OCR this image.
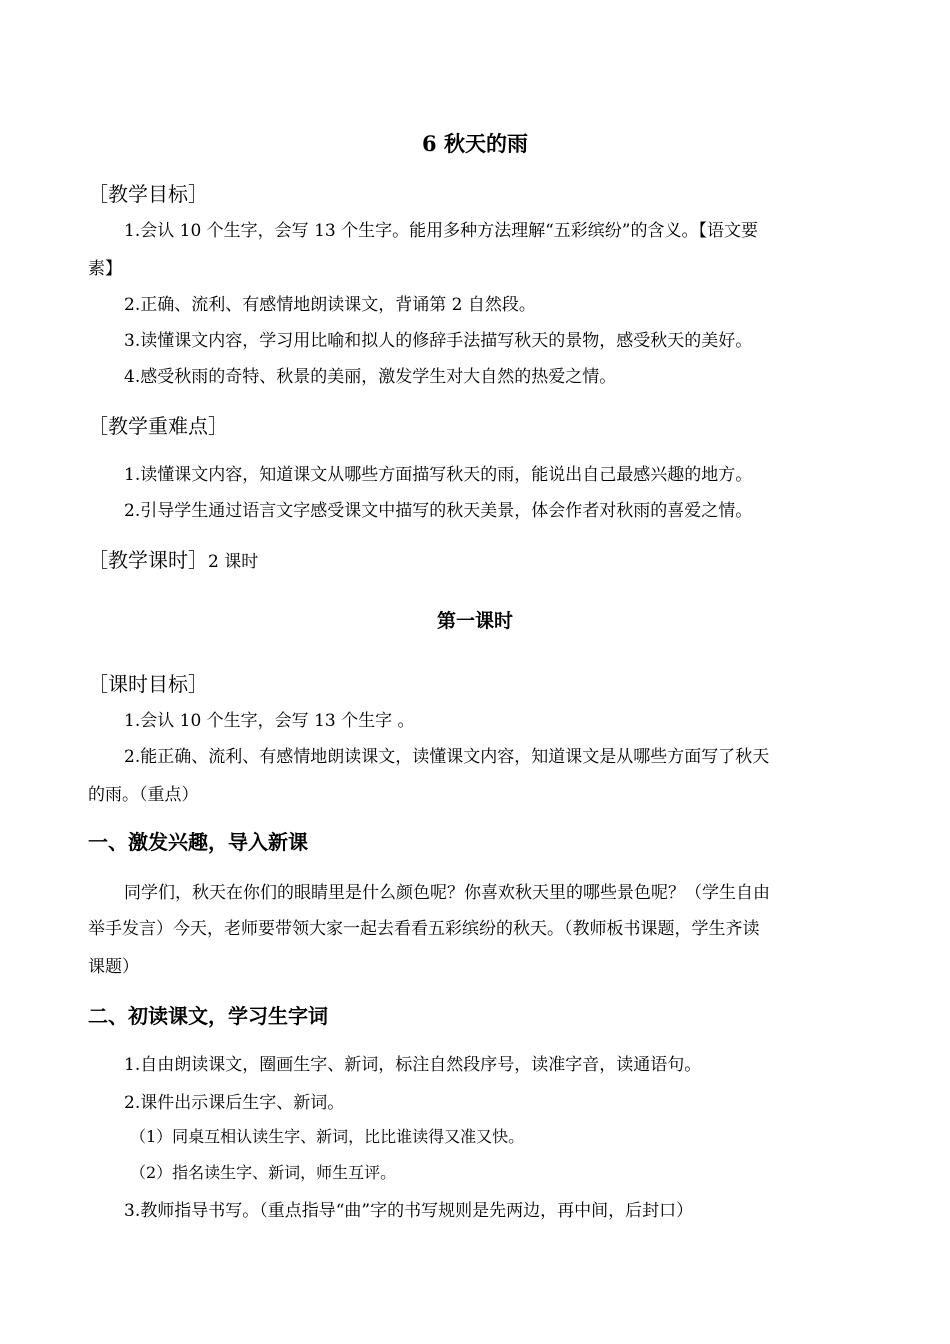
6 秋天的雨
［教学目标］
1.会认 10 个生字，会写 13 个生字。能用多种方法理解“五彩缤纷”的含义。【语文要
素】
2.正确、流利、有感情地朗读课文，背诵第 2 自然段。
3.读懂课文内容，学习用比喻和拟人的修辞手法描写秋天的景物，感受秋天的美好。
4.感受秋雨的奇特、秋景的美丽，激发学生对大自然的热爱之情。
［教学重难点］
1.读懂课文内容，知道课文从哪些方面描写秋天的雨，能说出自己最感兴趣的地方。
2.引导学生通过语言文字感受课文中描写的秋天美景，体会作者对秋雨的喜爱之情。
［教学课时］2 课时
第一课时
［课时目标］
1.会认 10 个生字，会写 13 个生字 。
2.能正确、流利、有感情地朗读课文，读懂课文内容，知道课文是从哪些方面写了秋天
的雨。（重点）
一、激发兴趣，导入新课
同学们，秋天在你们的眼睛里是什么颜色呢？你喜欢秋天里的哪些景色呢？（学生自由
举手发言）今天，老师要带领大家一起去看看五彩缤纷的秋天。（教师板书课题，学生齐读
课题）
二、初读课文，学习生字词
1.自由朗读课文，圈画生字、新词，标注自然段序号，读准字音，读通语句。
2.课件出示课后生字、新词。
（1）同桌互相认读生字、新词，比比谁读得又准又快。
（2）指名读生字、新词，师生互评。
3.教师指导书写。（重点指导“曲”字的书写规则是先两边，再中间，后封口）
